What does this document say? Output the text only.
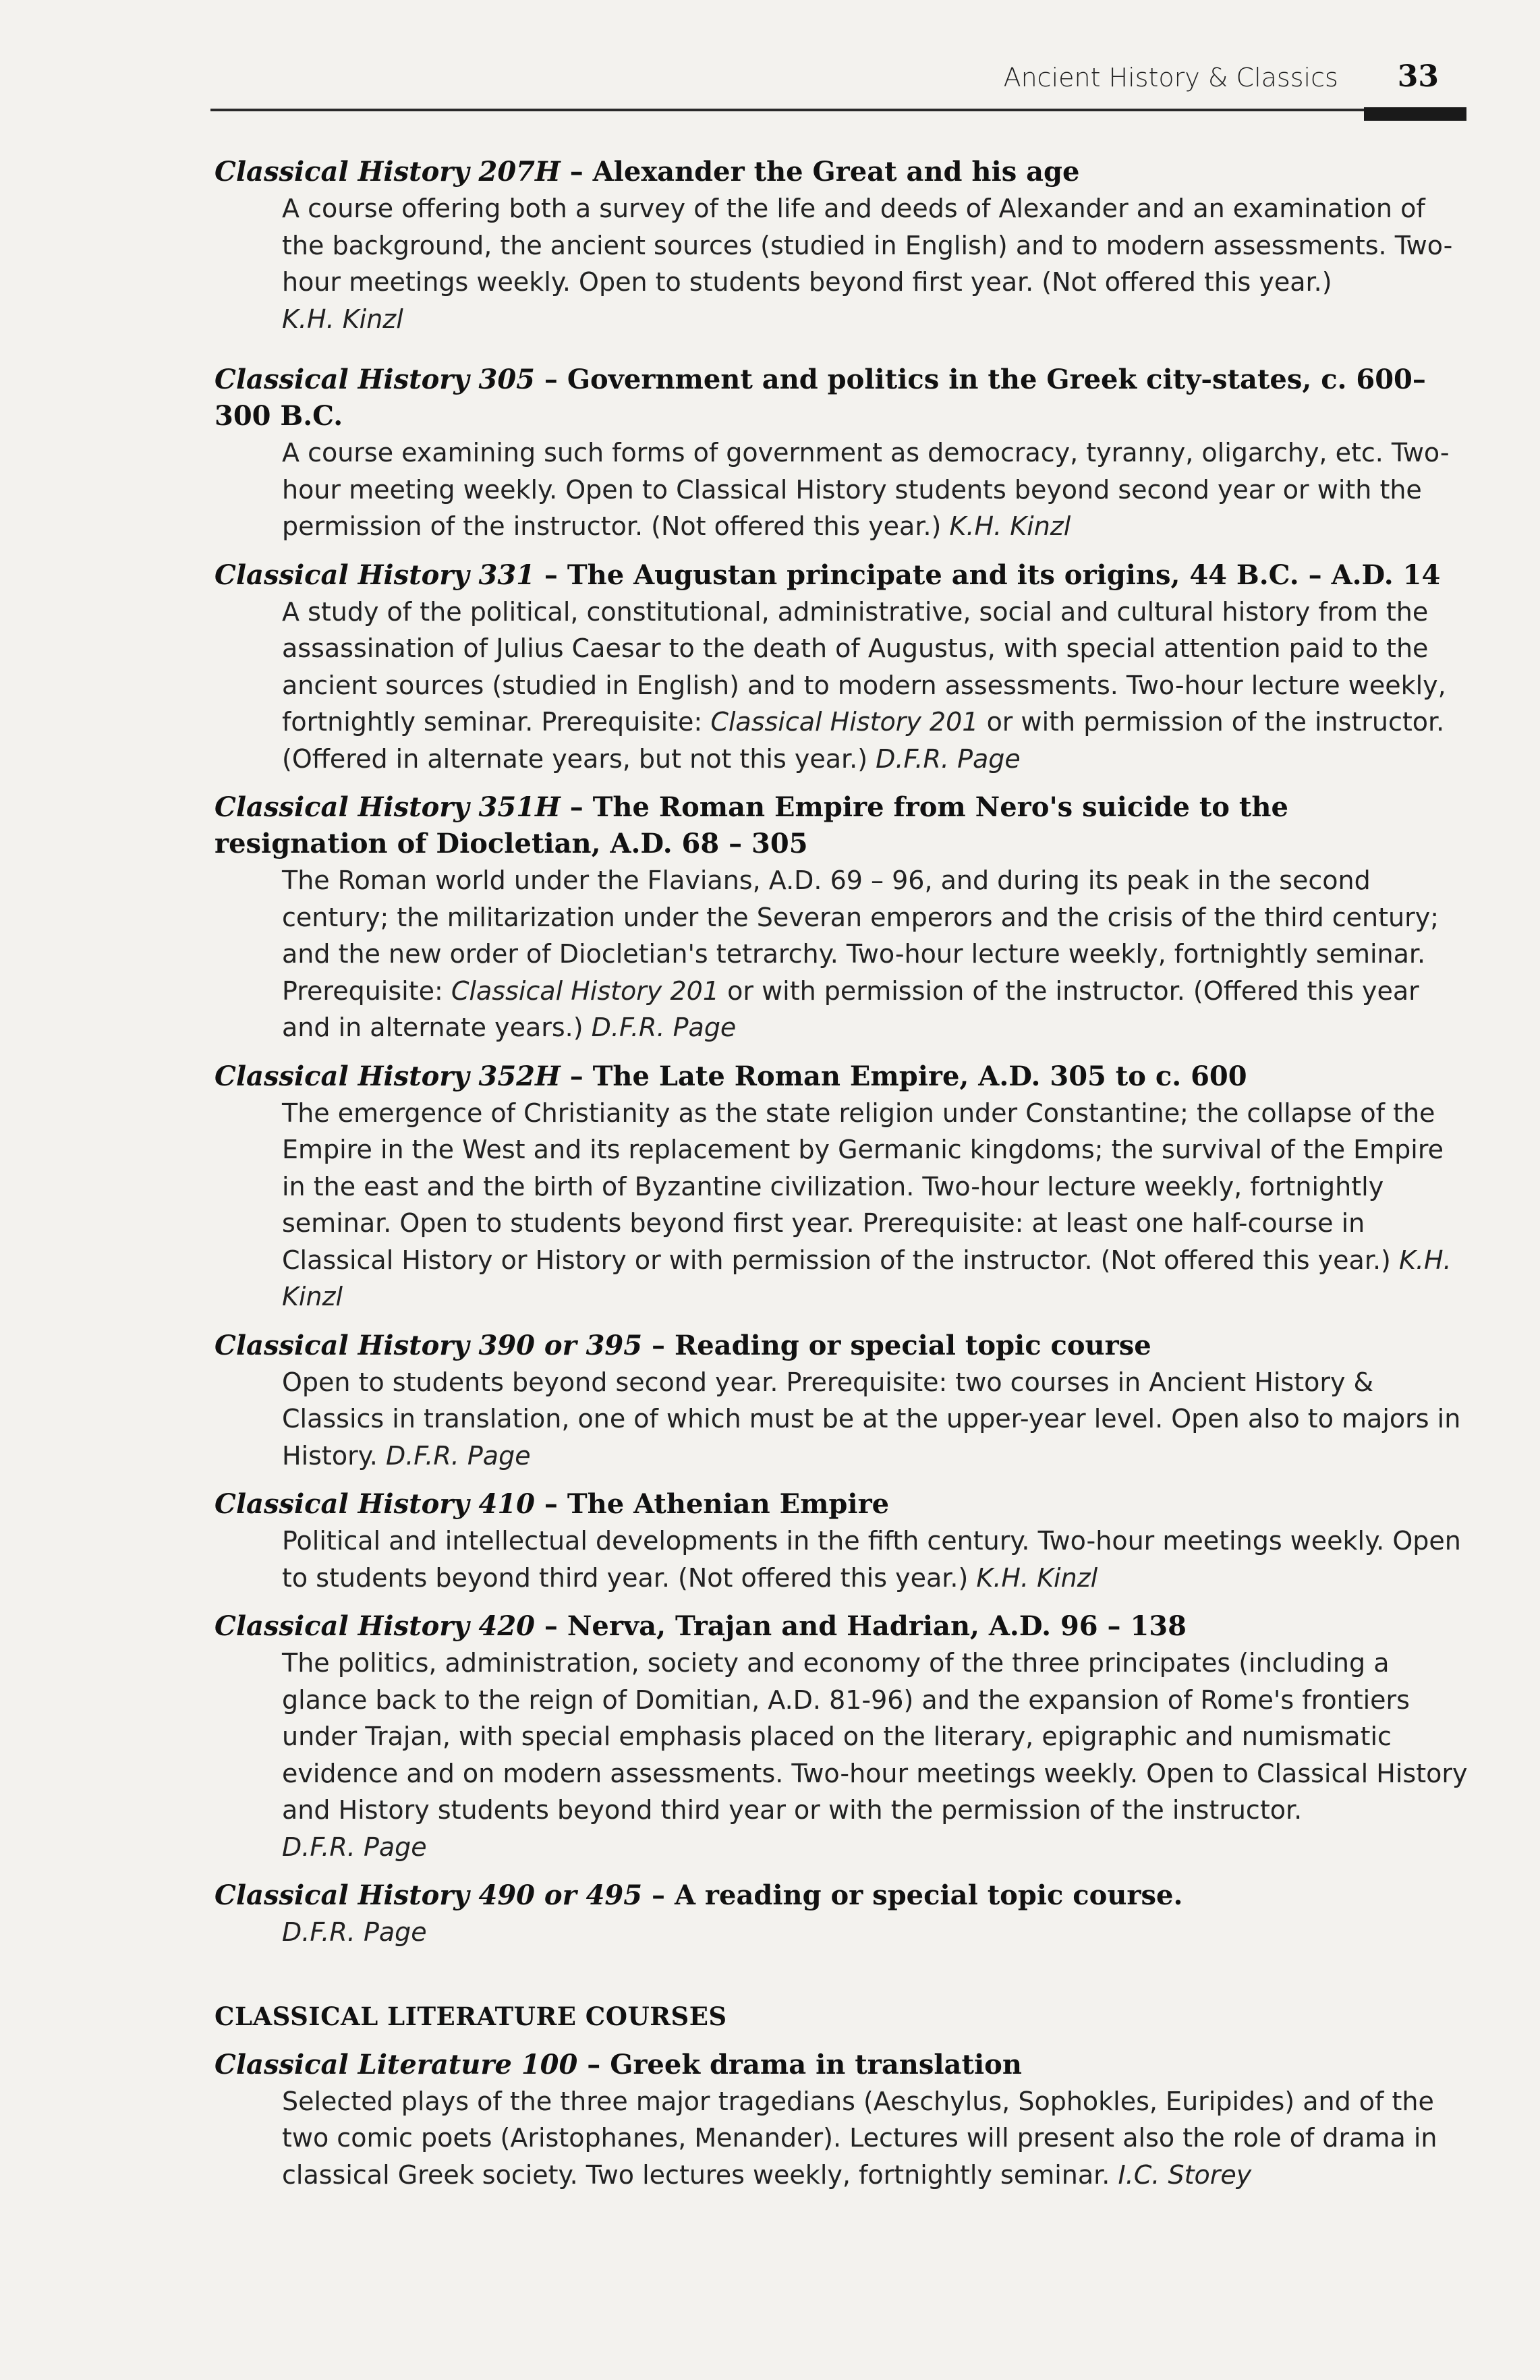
Ancient History & Classics 33
Classical History 207H – Alexander the Great and his age
A course offering both a survey of the life and deeds of Alexander and an examination of the background, the ancient sources (studied in English) and to modern assessments. Two-hour meetings weekly. Open to students beyond first year. (Not offered this year.)
K.H. Kinzl
Classical History 305 – Government and politics in the Greek city-states, c. 600–300 B.C.
A course examining such forms of government as democracy, tyranny, oligarchy, etc. Two-hour meeting weekly. Open to Classical History students beyond second year or with the permission of the instructor. (Not offered this year.) K.H. Kinzl
Classical History 331 – The Augustan principate and its origins, 44 B.C. – A.D. 14
A study of the political, constitutional, administrative, social and cultural history from the assassination of Julius Caesar to the death of Augustus, with special attention paid to the ancient sources (studied in English) and to modern assessments. Two-hour lecture weekly, fortnightly seminar. Prerequisite: Classical History 201 or with permission of the instructor. (Offered in alternate years, but not this year.) D.F.R. Page
Classical History 351H – The Roman Empire from Nero's suicide to the resignation of Diocletian, A.D. 68 – 305
The Roman world under the Flavians, A.D. 69 – 96, and during its peak in the second century; the militarization under the Severan emperors and the crisis of the third century; and the new order of Diocletian's tetrarchy. Two-hour lecture weekly, fortnightly seminar. Prerequisite: Classical History 201 or with permission of the instructor. (Offered this year and in alternate years.) D.F.R. Page
Classical History 352H – The Late Roman Empire, A.D. 305 to c. 600
The emergence of Christianity as the state religion under Constantine; the collapse of the Empire in the West and its replacement by Germanic kingdoms; the survival of the Empire in the east and the birth of Byzantine civilization. Two-hour lecture weekly, fortnightly seminar. Open to students beyond first year. Prerequisite: at least one half-course in Classical History or History or with permission of the instructor. (Not offered this year.) K.H. Kinzl
Classical History 390 or 395 – Reading or special topic course
Open to students beyond second year. Prerequisite: two courses in Ancient History & Classics in translation, one of which must be at the upper-year level. Open also to majors in History. D.F.R. Page
Classical History 410 – The Athenian Empire
Political and intellectual developments in the fifth century. Two-hour meetings weekly. Open to students beyond third year. (Not offered this year.) K.H. Kinzl
Classical History 420 – Nerva, Trajan and Hadrian, A.D. 96 – 138
The politics, administration, society and economy of the three principates (including a glance back to the reign of Domitian, A.D. 81-96) and the expansion of Rome's frontiers under Trajan, with special emphasis placed on the literary, epigraphic and numismatic evidence and on modern assessments. Two-hour meetings weekly. Open to Classical History and History students beyond third year or with the permission of the instructor.
D.F.R. Page
Classical History 490 or 495 – A reading or special topic course.
D.F.R. Page
CLASSICAL LITERATURE COURSES
Classical Literature 100 – Greek drama in translation
Selected plays of the three major tragedians (Aeschylus, Sophokles, Euripides) and of the two comic poets (Aristophanes, Menander). Lectures will present also the role of drama in classical Greek society. Two lectures weekly, fortnightly seminar. I.C. Storey
